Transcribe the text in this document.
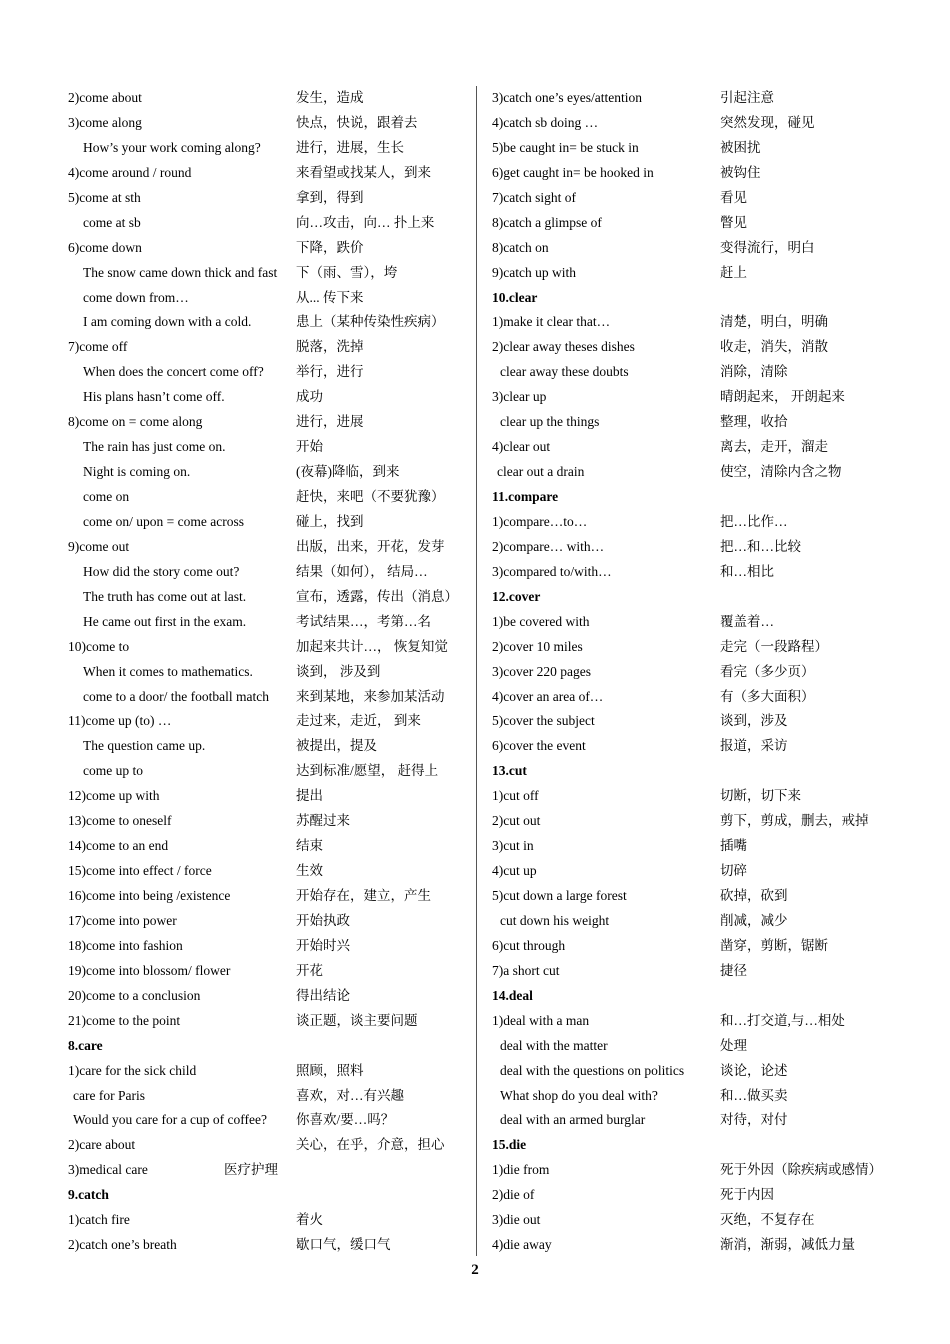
2)come about	发生，造成
3)come along	快点，快说，跟着去
How’s your work coming along?	进行，进展，生长
4)come around / round	来看望或找某人，到来
5)come at sth	拿到，得到
come at sb	向…攻击，向… 扑上来
6)come down	下降，跌价
The snow came down thick and fast 下（雨、雪），垮
come down from…	从... 传下来
I am coming down with a cold.	患上（某种传染性疾病）
7)come off	脱落，洗掉
When does the concert come off? 举行，进行
His plans hasn’t come off.	成功
8)come on = come along	进行，进展
The rain has just come on.	开始
Night is coming on.	(夜幕)降临，到来
come on	赶快，来吧（不要犹豫）
come on/ upon = come across	碰上，找到
9)come out	出版，出来，开花，发芽
How did the story come out?	结果（如何）， 结局…
The truth has come out at last.	宣布，透露，传出（消息）
He came out first in the exam.	考试结果…，考第…名
10)come to	加起来共计…， 恢复知觉
When it comes to mathematics.	谈到， 涉及到
come to a door/ the football match 来到某地，来参加某活动
11)come up (to) …	走过来，走近， 到来
The question came up.	被提出，提及
come up to	达到标准/愿望， 赶得上
12)come up with	提出
13)come to oneself	苏醒过来
14)come to an end	结束
15)come into effect / force	生效
16)come into being /existence	开始存在，建立，产生
17)come into power	开始执政
18)come into fashion	开始时兴
19)come into blossom/ flower	开花
20)come to a conclusion	得出结论
21)come to the point	谈正题，谈主要问题
8.care
1)care for the sick child	照顾，照料
care for Paris	喜欢，对…有兴趣
Would you care for a cup of coffee? 你喜欢/要…吗？
2)care about	关心，在乎，介意，担心
3)medical care	医疗护理
9.catch
1)catch fire	着火
2)catch one’s breath	歇口气，缓口气
3)catch one’s eyes/attention	引起注意
4)catch sb doing …	突然发现，碰见
5)be caught in= be stuck in	被困扰
6)get caught in= be hooked in	被钩住
7)catch sight of	看见
8)catch a glimpse of	瞥见
8)catch on	变得流行，明白
9)catch up with	赶上
10.clear
1)make it clear that…	清楚，明白，明确
2)clear away theses dishes	收走，消失，消散
clear away these doubts	消除，清除
3)clear up	晴朗起来， 开朗起来
clear up the things	整理，收拾
4)clear out	离去，走开，溜走
clear out a drain	使空，清除内含之物
11.compare
1)compare…to…	把…比作…
2)compare… with…	把…和…比较
3)compared to/with…	和…相比
12.cover
1)be covered with	覆盖着…
2)cover 10 miles	走完（一段路程）
3)cover 220 pages	看完（多少页）
4)cover an area of…	有（多大面积）
5)cover the subject	谈到，涉及
6)cover the event	报道，采访
13.cut
1)cut off	切断，切下来
2)cut out	剪下，剪成，删去，戒掉
3)cut in	插嘴
4)cut up	切碎
5)cut down a large forest	砍掉，砍到
cut down his weight	削减，减少
6)cut through	凿穿，剪断，锯断
7)a short cut	捷径
14.deal
1)deal with a man	和…打交道,与…相处
deal with the matter	处理
deal with the questions on politics	谈论，论述
What shop do you deal with?	和…做买卖
deal with an armed burglar	对待，对付
15.die
1)die from	死于外因（除疾病或感情）
2)die of	死于内因
3)die out	灭绝，不复存在
4)die away	渐消，渐弱，减低力量
2
